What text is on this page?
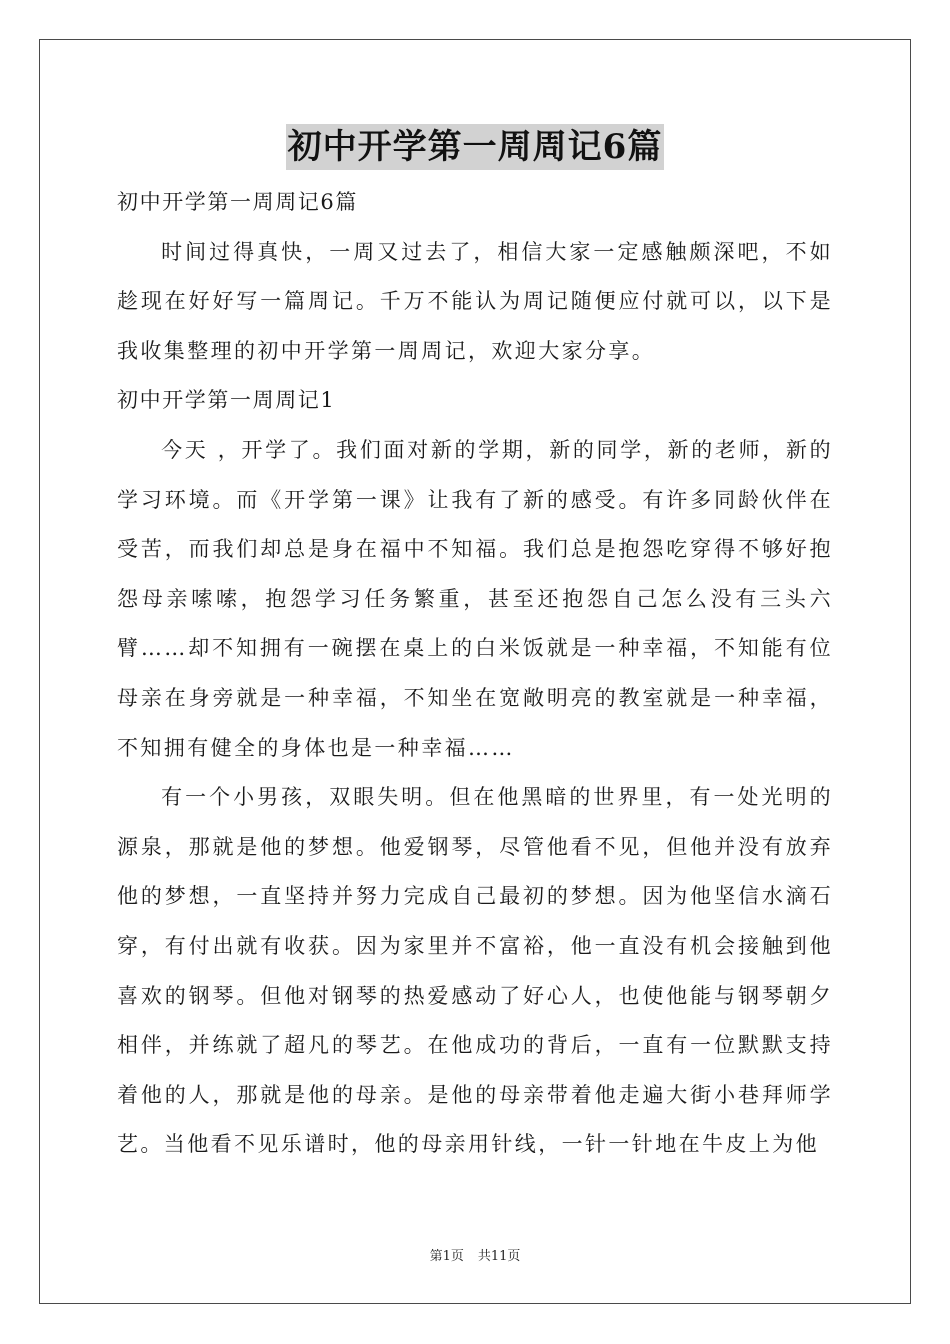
初中开学第一周周记6篇

初中开学第一周周记6篇

时间过得真快，一周又过去了，相信大家一定感触颇深吧，不如趁现在好好写一篇周记。千万不能认为周记随便应付就可以，以下是我收集整理的初中开学第一周周记，欢迎大家分享。

初中开学第一周周记1

今天 ，开学了。我们面对新的学期，新的同学，新的老师，新的学习环境。而《开学第一课》让我有了新的感受。有许多同龄伙伴在受苦，而我们却总是身在福中不知福。我们总是抱怨吃穿得不够好抱怨母亲嗦嗦，抱怨学习任务繁重，甚至还抱怨自己怎么没有三头六臂……却不知拥有一碗摆在桌上的白米饭就是一种幸福，不知能有位母亲在身旁就是一种幸福，不知坐在宽敞明亮的教室就是一种幸福，不知拥有健全的身体也是一种幸福……

有一个小男孩，双眼失明。但在他黑暗的世界里，有一处光明的源泉，那就是他的梦想。他爱钢琴，尽管他看不见，但他并没有放弃他的梦想，一直坚持并努力完成自己最初的梦想。因为他坚信水滴石穿，有付出就有收获。因为家里并不富裕，他一直没有机会接触到他喜欢的钢琴。但他对钢琴的热爱感动了好心人，也使他能与钢琴朝夕相伴，并练就了超凡的琴艺。在他成功的背后，一直有一位默默支持着他的人，那就是他的母亲。是他的母亲带着他走遍大街小巷拜师学艺。当他看不见乐谱时，他的母亲用针线，一针一针地在牛皮上为他

第1页 共11页
